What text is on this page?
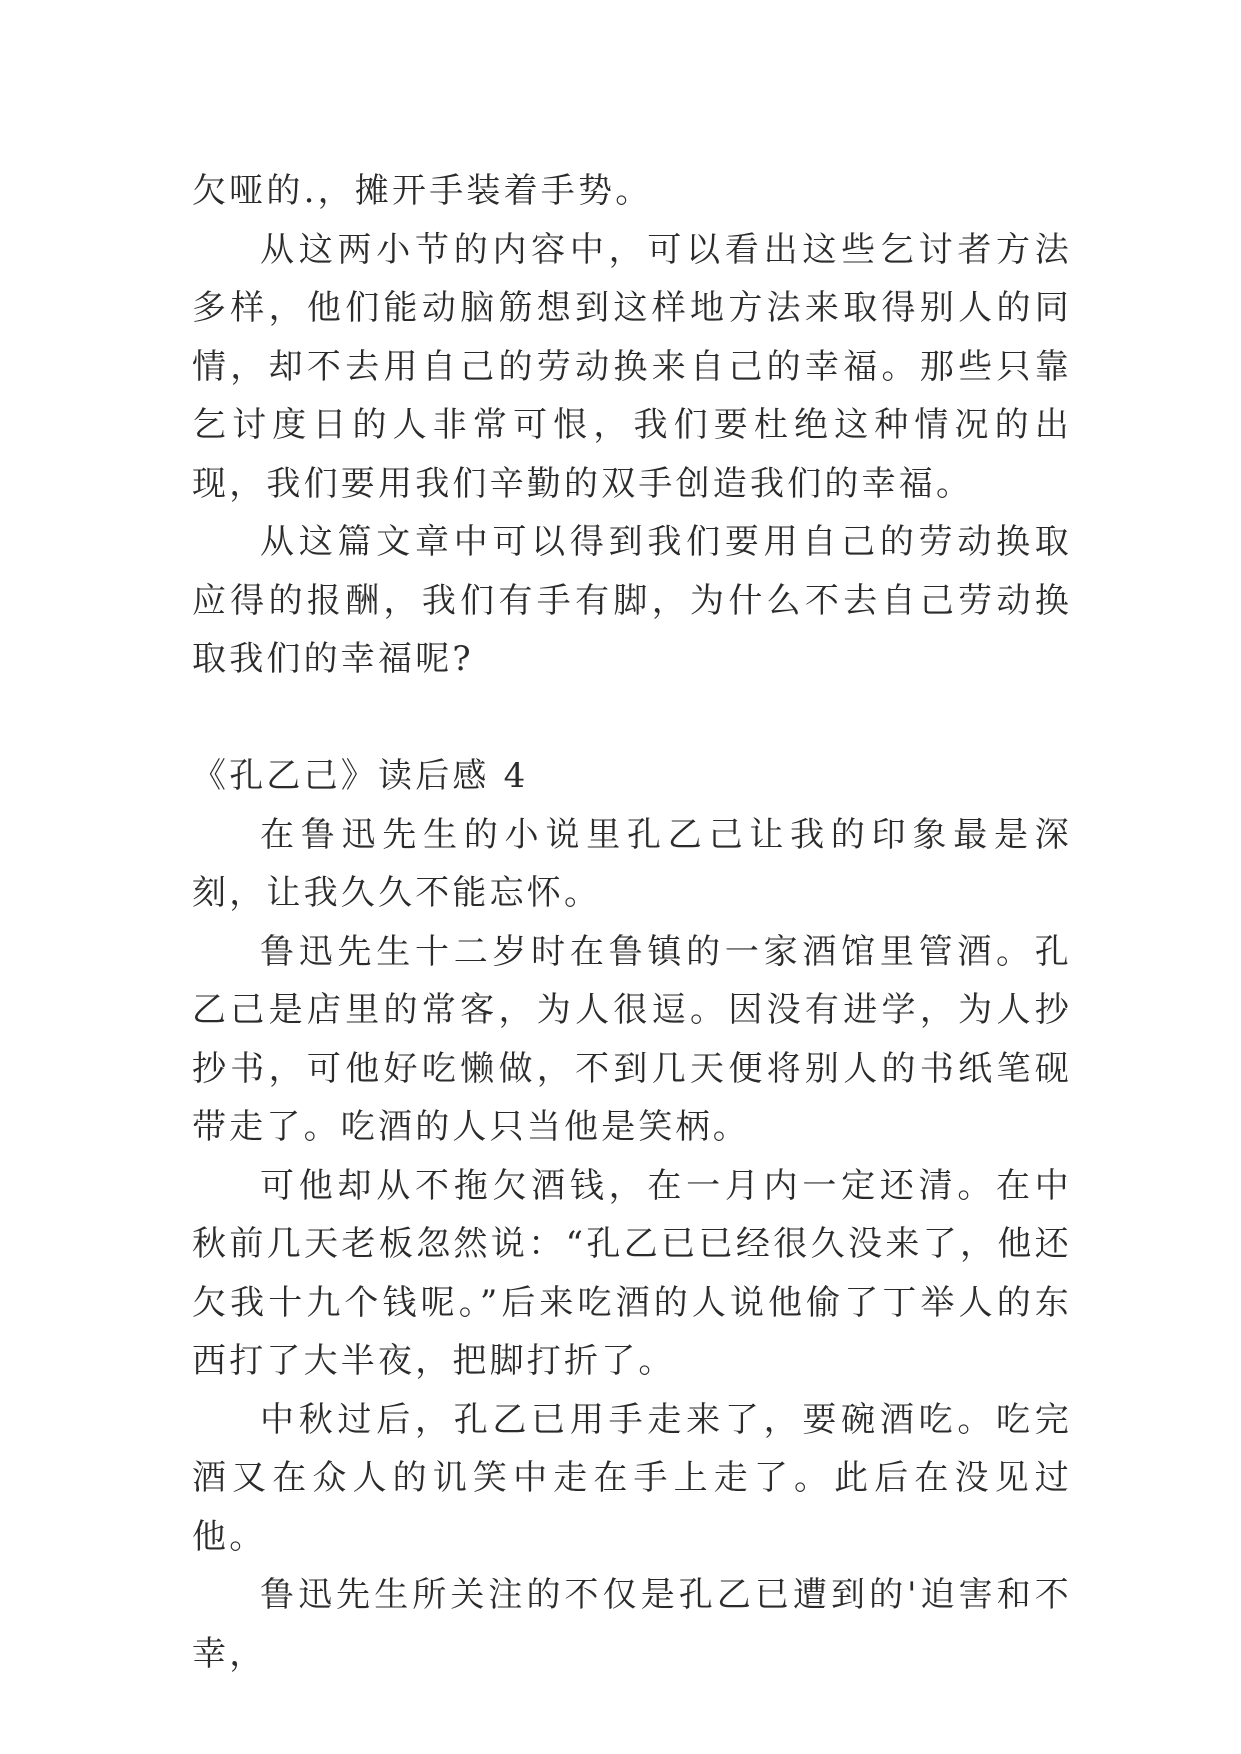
欠哑的.，摊开手装着手势。

从这两小节的内容中，可以看出这些乞讨者方法多样，他们能动脑筋想到这样地方法来取得别人的同情，却不去用自己的劳动换来自己的幸福。那些只靠乞讨度日的人非常可恨，我们要杜绝这种情况的出现，我们要用我们辛勤的双手创造我们的幸福。

从这篇文章中可以得到我们要用自己的劳动换取应得的报酬，我们有手有脚，为什么不去自己劳动换取我们的幸福呢?

《孔乙己》读后感 4

在鲁迅先生的小说里孔乙己让我的印象最是深刻，让我久久不能忘怀。

鲁迅先生十二岁时在鲁镇的一家酒馆里管酒。孔乙己是店里的常客，为人很逗。因没有进学，为人抄抄书，可他好吃懒做，不到几天便将别人的书纸笔砚带走了。吃酒的人只当他是笑柄。

可他却从不拖欠酒钱，在一月内一定还清。在中秋前几天老板忽然说：“孔乙已已经很久没来了，他还欠我十九个钱呢。”后来吃酒的人说他偷了丁举人的东西打了大半夜，把脚打折了。

中秋过后，孔乙已用手走来了，要碗酒吃。吃完酒又在众人的讥笑中走在手上走了。此后在没见过他。

鲁迅先生所关注的不仅是孔乙已遭到的'迫害和不幸，
